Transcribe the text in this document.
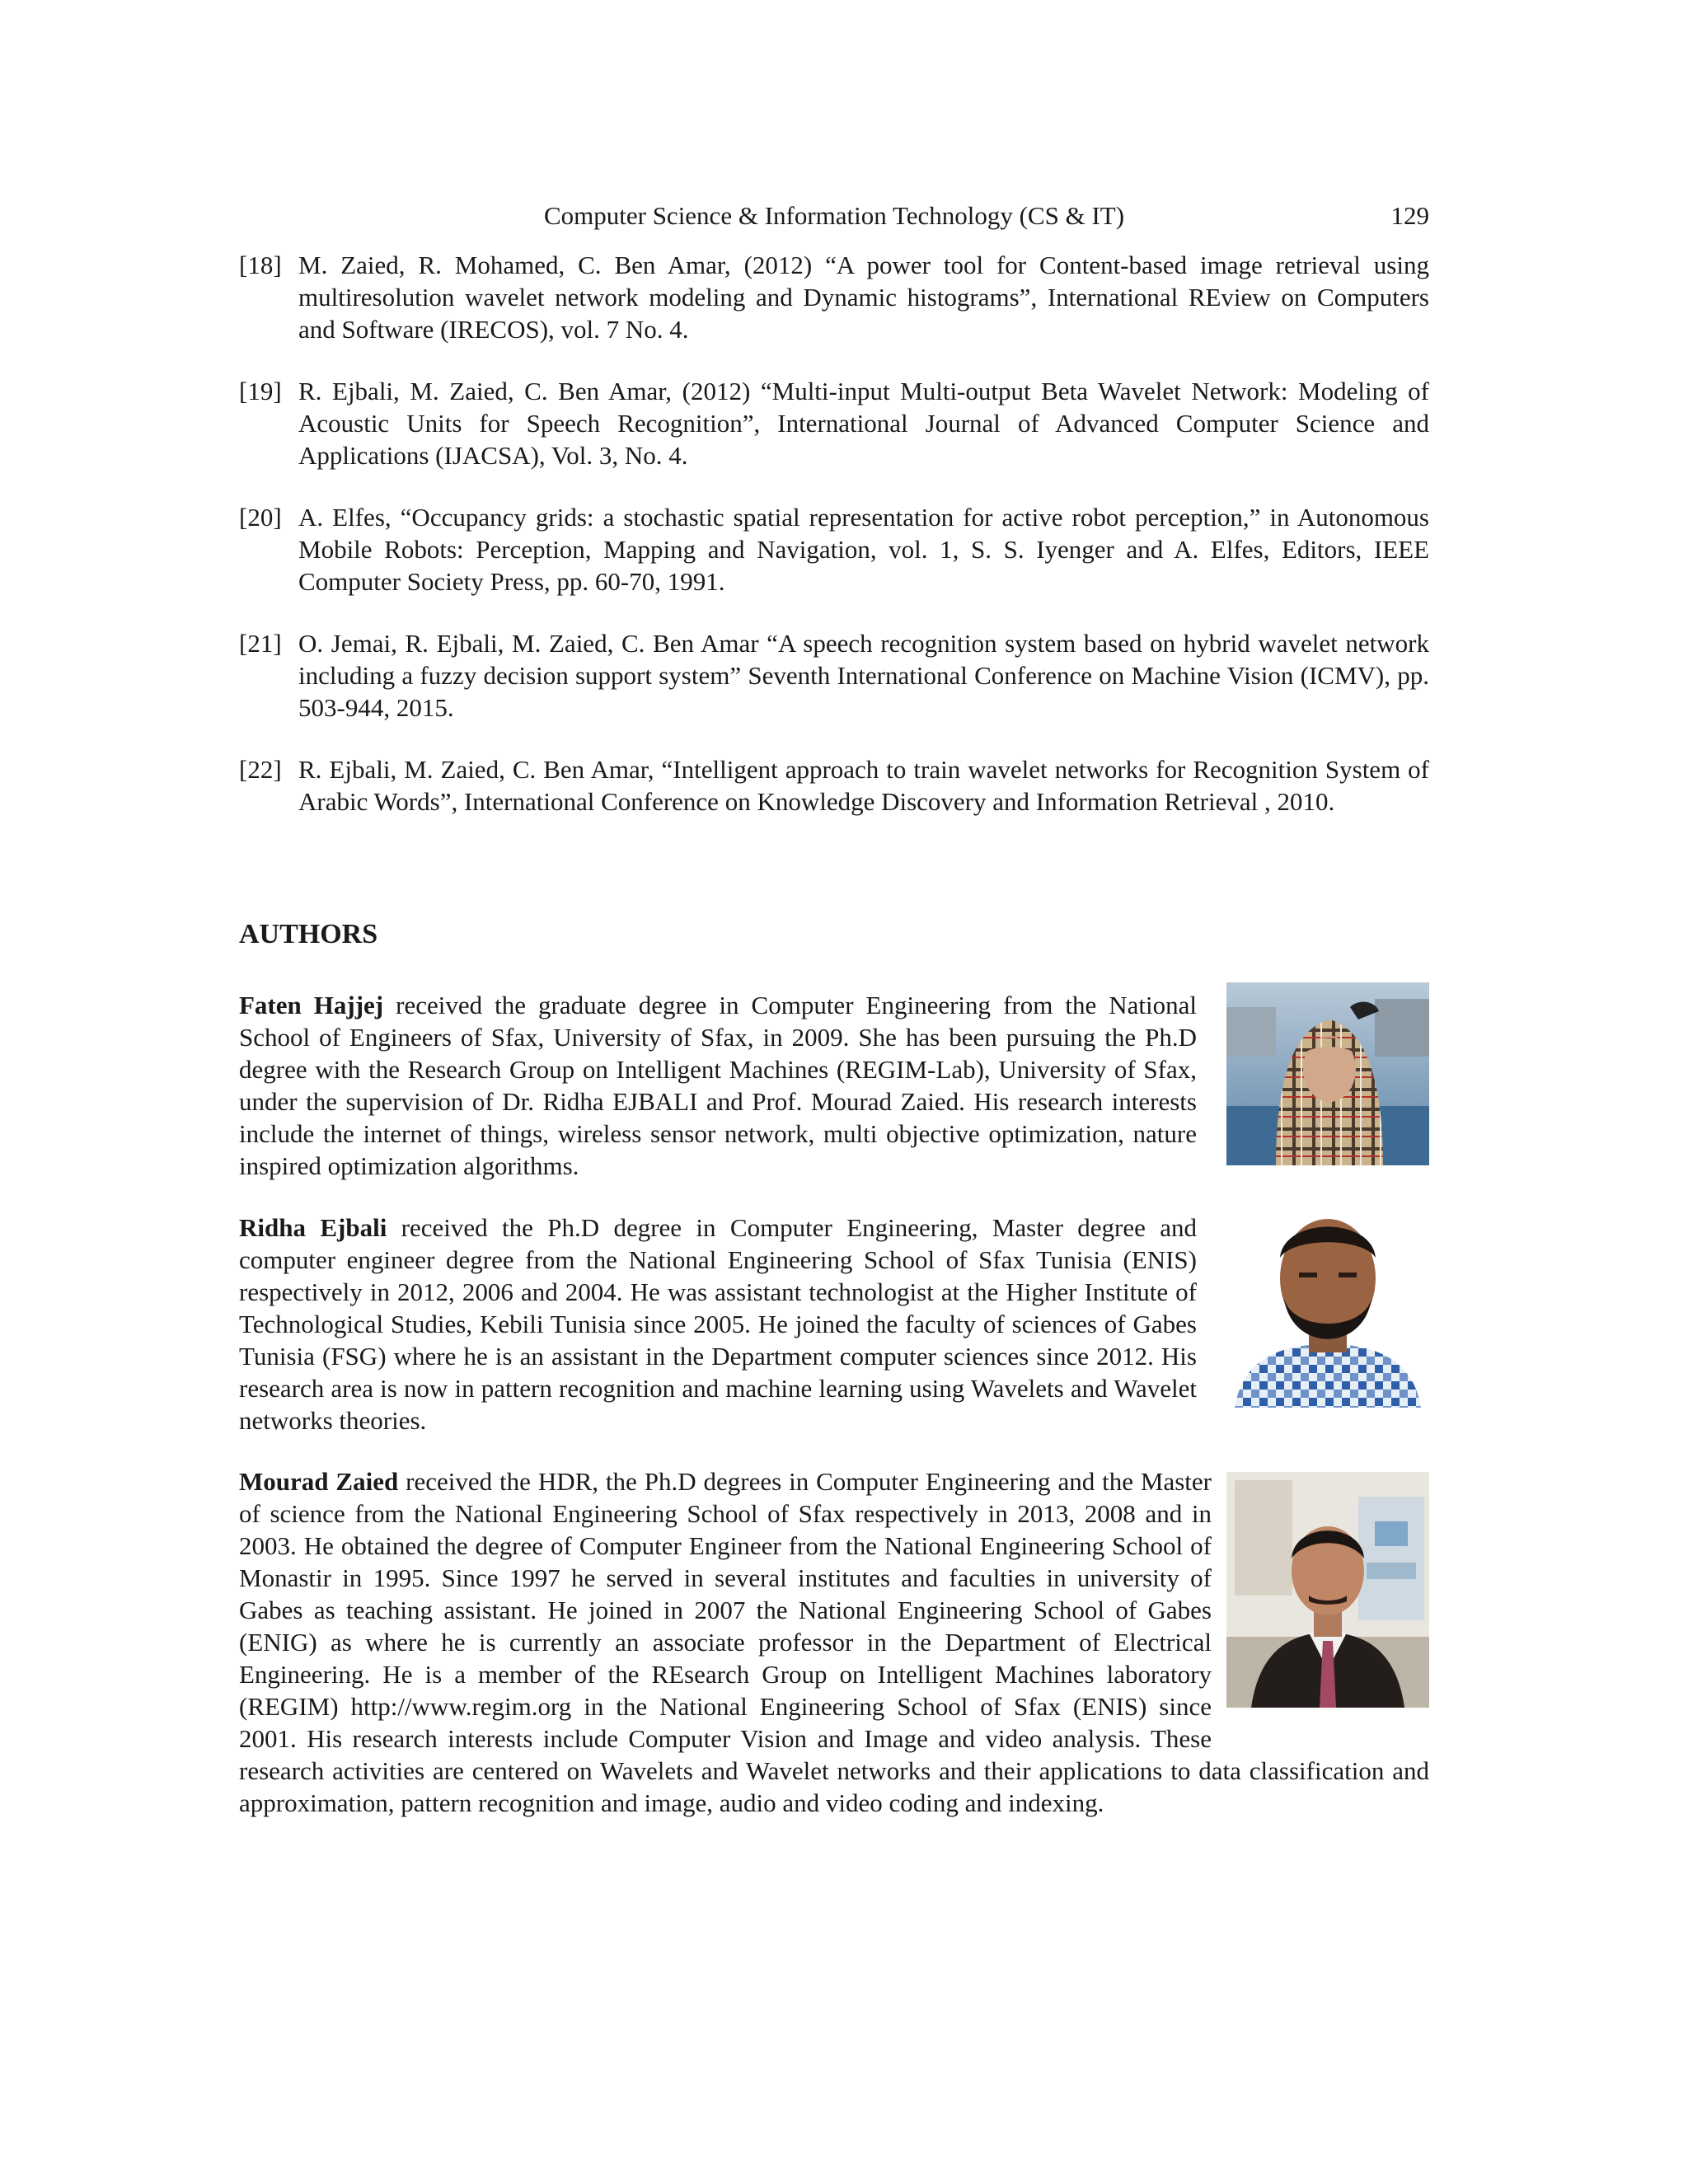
Computer Science & Information Technology (CS & IT)	129
[18] M. Zaied, R. Mohamed, C. Ben Amar, (2012) “A power tool for Content-based image retrieval using multiresolution wavelet network modeling and Dynamic histograms”, International REview on Computers and Software (IRECOS), vol. 7 No. 4.
[19] R. Ejbali, M. Zaied, C. Ben Amar, (2012) “Multi-input Multi-output Beta Wavelet Network: Modeling of Acoustic Units for Speech Recognition”, International Journal of Advanced Computer Science and Applications (IJACSA), Vol. 3, No. 4.
[20] A. Elfes, “Occupancy grids: a stochastic spatial representation for active robot perception,” in Autonomous Mobile Robots: Perception, Mapping and Navigation, vol. 1, S. S. Iyenger and A. Elfes, Editors, IEEE Computer Society Press, pp. 60-70, 1991.
[21] O. Jemai, R. Ejbali, M. Zaied, C. Ben Amar “A speech recognition system based on hybrid wavelet network including a fuzzy decision support system” Seventh International Conference on Machine Vision (ICMV), pp. 503-944, 2015.
[22] R. Ejbali, M. Zaied, C. Ben Amar, “Intelligent approach to train wavelet networks for Recognition System of Arabic Words”, International Conference on Knowledge Discovery and Information Retrieval , 2010.
AUTHORS

Faten Hajjej received the graduate degree in Computer Engineering from the National School of Engineers of Sfax, University of Sfax, in 2009. She has been pursuing the Ph.D degree with the Research Group on Intelligent Machines (REGIM-Lab), University of Sfax, under the supervision of Dr. Ridha EJBALI and Prof. Mourad Zaied. His research interests include the internet of things, wireless sensor network, multi objective optimization, nature inspired optimization algorithms.

Ridha Ejbali received the Ph.D degree in Computer Engineering, Master degree and computer engineer degree from the National Engineering School of Sfax Tunisia (ENIS) respectively in 2012, 2006 and 2004. He was assistant technologist at the Higher Institute of Technological Studies, Kebili Tunisia since 2005. He joined the faculty of sciences of Gabes Tunisia (FSG) where he is an assistant in the Department computer sciences since 2012. His research area is now in pattern recognition and machine learning using Wavelets and Wavelet networks theories.

Mourad Zaied received the HDR, the Ph.D degrees in Computer Engineering and the Master of science from the National Engineering School of Sfax respectively in 2013, 2008 and in 2003. He obtained the degree of Computer Engineer from the National Engineering School of Monastir in 1995. Since 1997 he served in several institutes and faculties in university of Gabes as teaching assistant. He joined in 2007 the National Engineering School of Gabes (ENIG) as where he is currently an associate professor in the Department of Electrical Engineering. He is a member of the REsearch Group on Intelligent Machines laboratory (REGIM) http://www.regim.org in the National Engineering School of Sfax (ENIS) since 2001. His research interests include Computer Vision and Image and video analysis. These research activities are centered on Wavelets and Wavelet networks and their applications to data classification and approximation, pattern recognition and image, audio and video coding and indexing.
